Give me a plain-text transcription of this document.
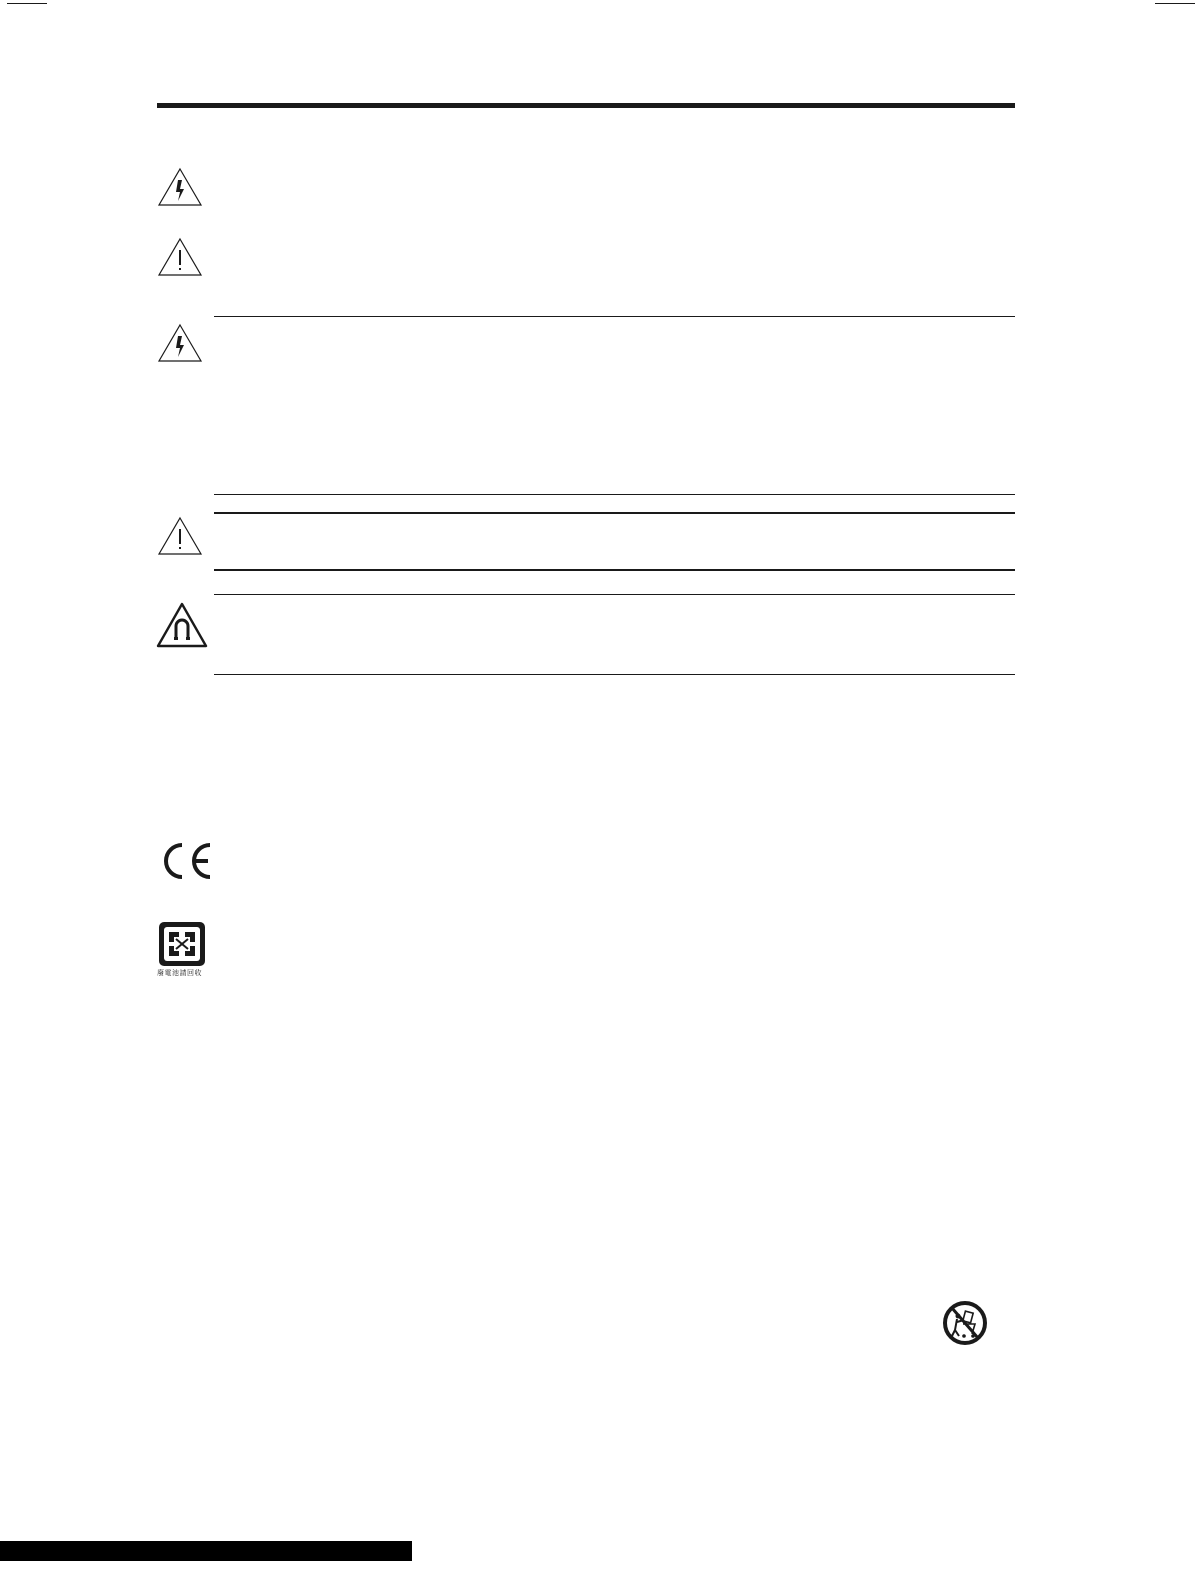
廢電池請回收
